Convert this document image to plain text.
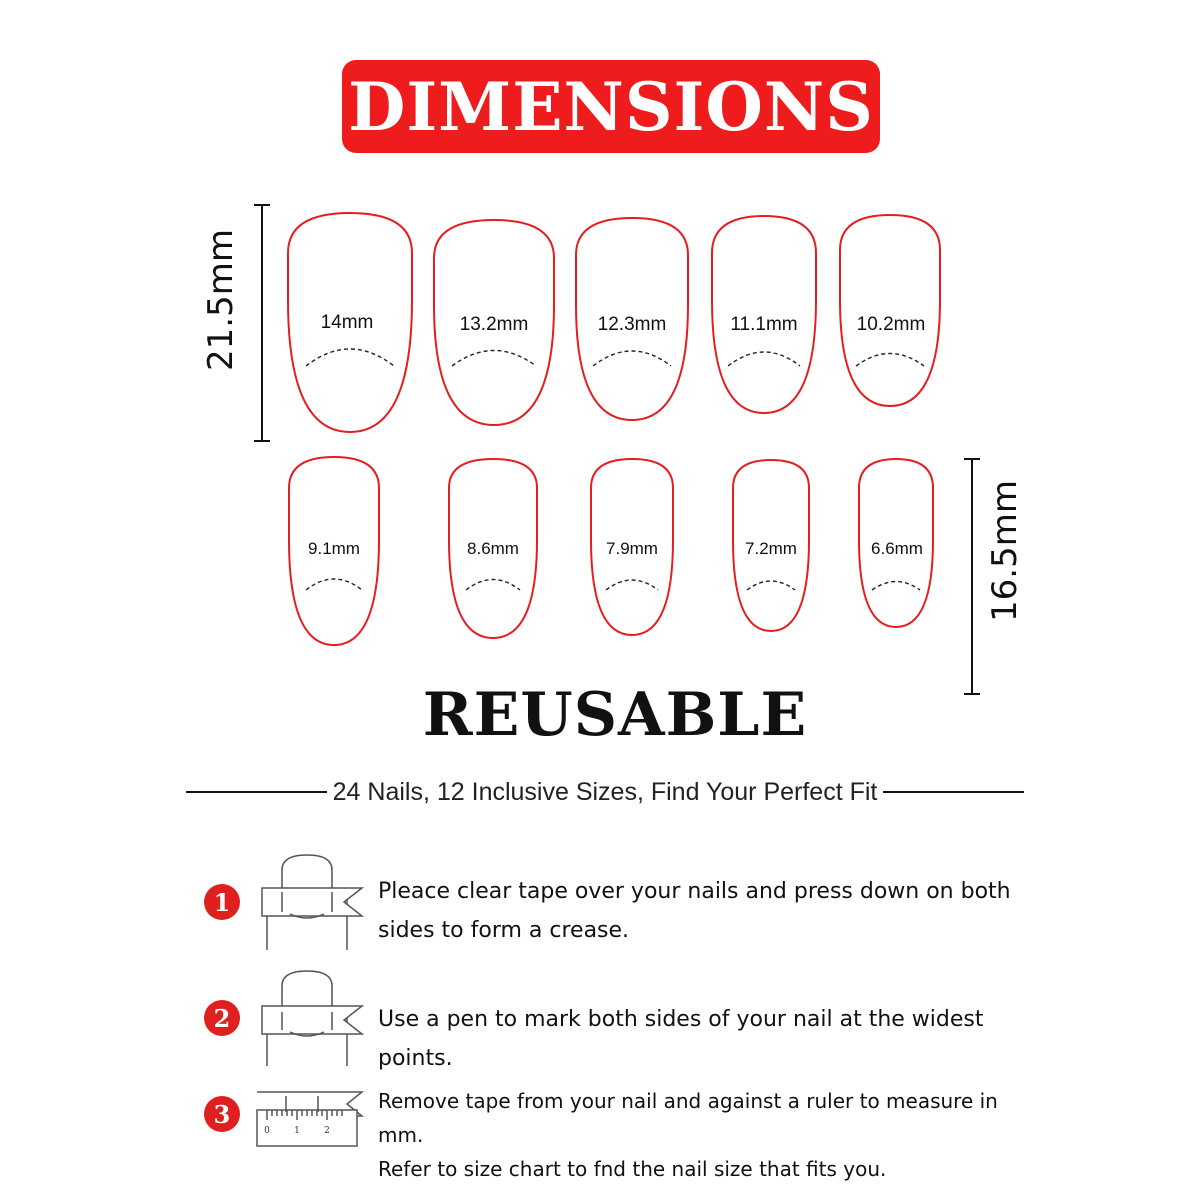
DIMENSIONS
21.5mm	14mm	13.2mm	12.3mm	11.1mm	10.2mm
9.1mm	8.6mm	7.9mm	7.2mm	6.6mm 16.5mm
REUSABLE
24 Nails, 12 Inclusive Sizes, Find Your Perfect Fit
1	Pleace clear tape over your nails and press down on both sides to form a crease.
2	Use a pen to mark both sides of your nail at the widest points.
3
0	1	2
Remove tape from your nail and against a ruler to measure in mm.
Refer to size chart to fnd the nail size that fits you.
